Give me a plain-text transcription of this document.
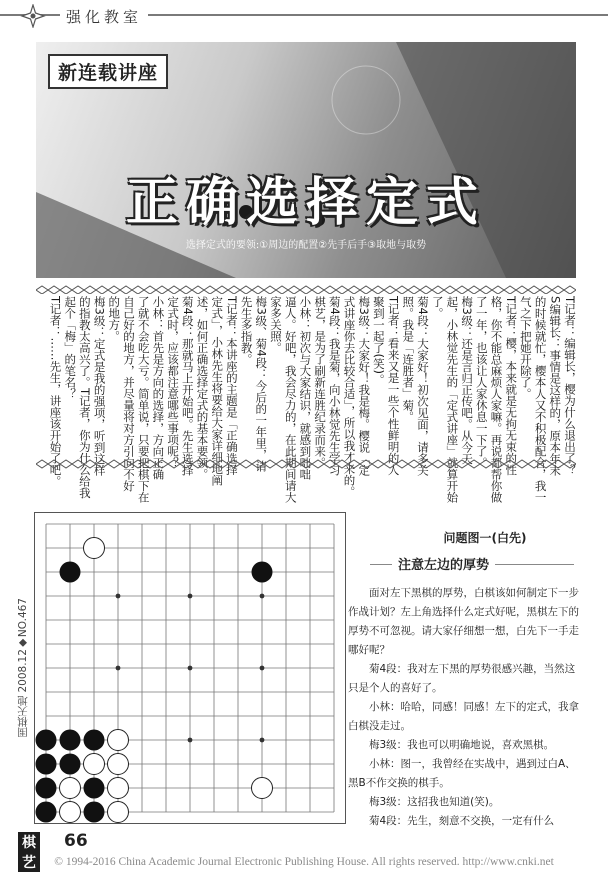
强化教室
新连载讲座
正确选择定式
选择定式的要领:①周边的配置②先手后手③取地与取势
T记者：编辑长，樱为什么退出了？
S编辑长：事情是这样的，原本年末
的时候就忙，樱本人又不积极配合，我一
气之下把她开除了。
T记者：樱，本来就是无拘无束的性
格，你不能总麻烦人家嘛。再说都帮你做
了一年，也该让人家休息一下了。
梅3级：还是言归正传吧。从今天
起，小林觉先生的「定式讲座」就算开始
了。
菊4段：大家好！初次见面，请多关
照。我是「连胜者」菊。
T记者：看来又是一些个性鲜明的人
聚到一起了(笑)。
梅3级：大家好！我是梅。樱说「定
式讲座你去比较合适」，所以我才来的。
菊4段：我是菊，向小林觉先生学习
棋艺，是为了刷新连胜纪录而来。
小林：初次与大家结识，就感到咄咄
逼人。好吧，我会尽力的，在此期间请大
家多关照。
梅3级、菊4段：今后的一年里，请
先生多指教。
T记者：本讲座的主题是「正确选择
定式」，小林先生将要给大家详细地阐
述，如何正确选择定式的基本要领。
菊4段：那就马上开始吧。先生选择
定式时，应该都注意哪些事项呢？
小林：首先是方向的选择，方向正确
了就不会吃大亏。简单说，只要把棋下在
自己好的地方，并尽量将对方引向不好
的地方。
梅3级：定式是我的强项，听到这样
的指教太高兴了。T记者，你为什么给我
起个「梅」的笔名？
T记者：……先生，讲座该开始了吧。
围棋天地 2008.12◆NO.467
问题图一(白先)
注意左边的厚势

面对左下黑棋的厚势，白棋该如何制定下一步作战计划？左上角选择什么定式好呢，黑棋左下的厚势不可忽视。请大家仔细想一想，白先下一手走哪好呢？

菊4段：我对左下黑的厚势很感兴趣，当然这只是个人的喜好了。

小林：哈哈，同感！同感！左下的定式，我拿白棋没走过。

梅3级：我也可以明确地说，喜欢黑棋。

小林：图一，我曾经在实战中，遇到过白A、黑B不作交换的棋手。

梅3级：这招我也知道(笑)。

菊4段：先生，刻意不交换，一定有什么

棋艺
66
© 1994-2016 China Academic Journal Electronic Publishing House. All rights reserved. http://www.cnki.net
